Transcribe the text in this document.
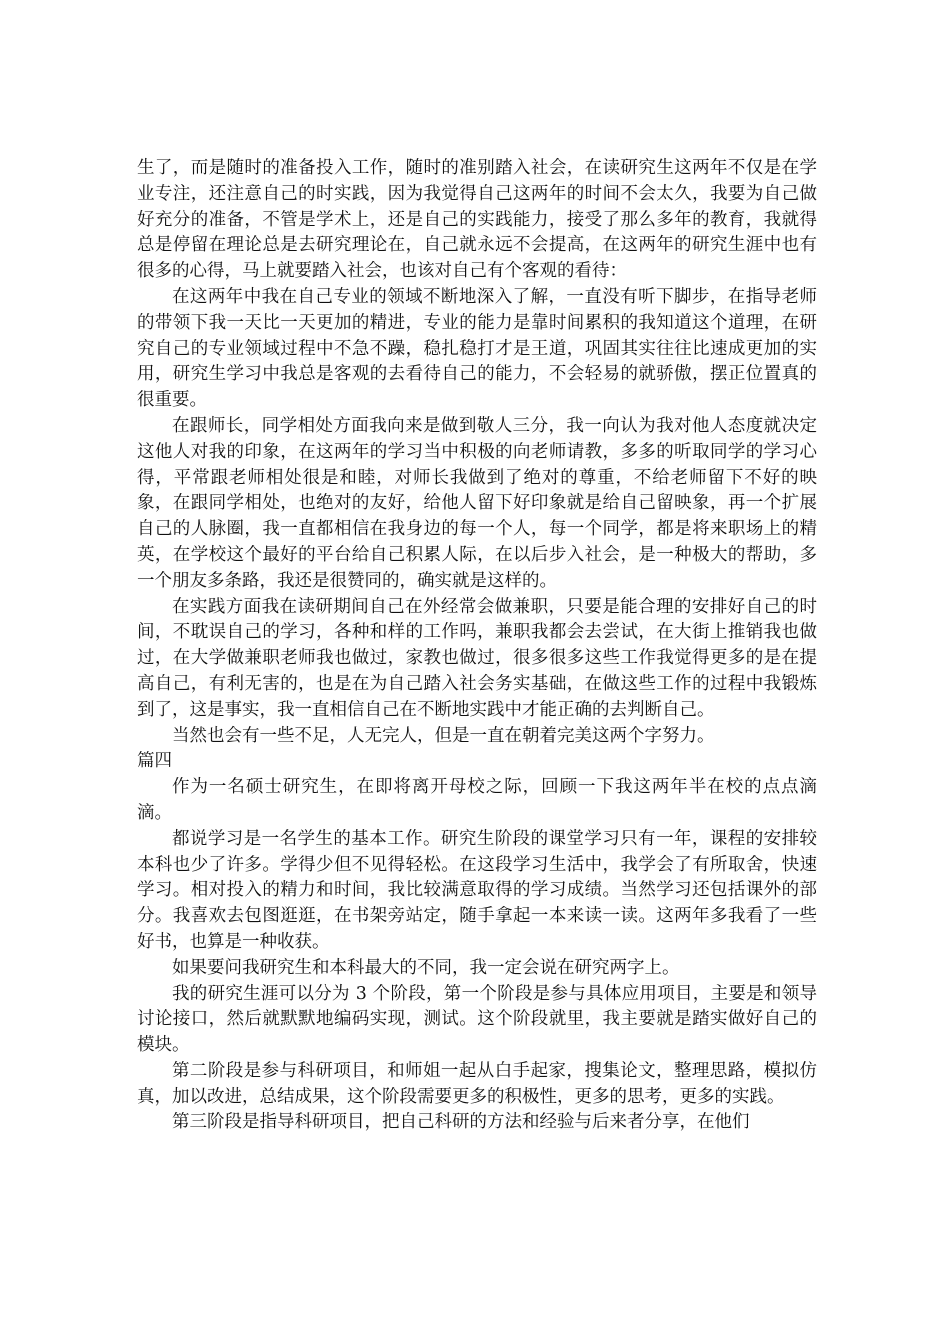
生了，而是随时的准备投入工作，随时的准别踏入社会，在读研究生这两年不仅是在学业专注，还注意自己的时实践，因为我觉得自己这两年的时间不会太久，我要为自己做好充分的准备，不管是学术上，还是自己的实践能力，接受了那么多年的教育，我就得总是停留在理论总是去研究理论在，自己就永远不会提高，在这两年的研究生涯中也有很多的心得，马上就要踏入社会，也该对自己有个客观的看待：

在这两年中我在自己专业的领域不断地深入了解，一直没有听下脚步，在指导老师的带领下我一天比一天更加的精进，专业的能力是靠时间累积的我知道这个道理，在研究自己的专业领域过程中不急不躁，稳扎稳打才是王道，巩固其实往往比速成更加的实用，研究生学习中我总是客观的去看待自己的能力，不会轻易的就骄傲，摆正位置真的很重要。

在跟师长，同学相处方面我向来是做到敬人三分，我一向认为我对他人态度就决定这他人对我的印象，在这两年的学习当中积极的向老师请教，多多的听取同学的学习心得，平常跟老师相处很是和睦，对师长我做到了绝对的尊重，不给老师留下不好的映象，在跟同学相处，也绝对的友好，给他人留下好印象就是给自己留映象，再一个扩展自己的人脉圈，我一直都相信在我身边的每一个人，每一个同学，都是将来职场上的精英，在学校这个最好的平台给自己积累人际，在以后步入社会，是一种极大的帮助，多一个朋友多条路，我还是很赞同的，确实就是这样的。

在实践方面我在读研期间自己在外经常会做兼职，只要是能合理的安排好自己的时间，不耽误自己的学习，各种和样的工作吗，兼职我都会去尝试，在大街上推销我也做过，在大学做兼职老师我也做过，家教也做过，很多很多这些工作我觉得更多的是在提高自己，有利无害的，也是在为自己踏入社会务实基础，在做这些工作的过程中我锻炼到了，这是事实，我一直相信自己在不断地实践中才能正确的去判断自己。

当然也会有一些不足，人无完人，但是一直在朝着完美这两个字努力。

篇四

作为一名硕士研究生，在即将离开母校之际，回顾一下我这两年半在校的点点滴滴。

都说学习是一名学生的基本工作。研究生阶段的课堂学习只有一年，课程的安排较本科也少了许多。学得少但不见得轻松。在这段学习生活中，我学会了有所取舍，快速学习。相对投入的精力和时间，我比较满意取得的学习成绩。当然学习还包括课外的部分。我喜欢去包图逛逛，在书架旁站定，随手拿起一本来读一读。这两年多我看了一些好书，也算是一种收获。

如果要问我研究生和本科最大的不同，我一定会说在研究两字上。

我的研究生涯可以分为 3 个阶段，第一个阶段是参与具体应用项目，主要是和领导讨论接口，然后就默默地编码实现，测试。这个阶段就里，我主要就是踏实做好自己的模块。

第二阶段是参与科研项目，和师姐一起从白手起家，搜集论文，整理思路，模拟仿真，加以改进，总结成果，这个阶段需要更多的积极性，更多的思考，更多的实践。

第三阶段是指导科研项目，把自己科研的方法和经验与后来者分享，在他们
